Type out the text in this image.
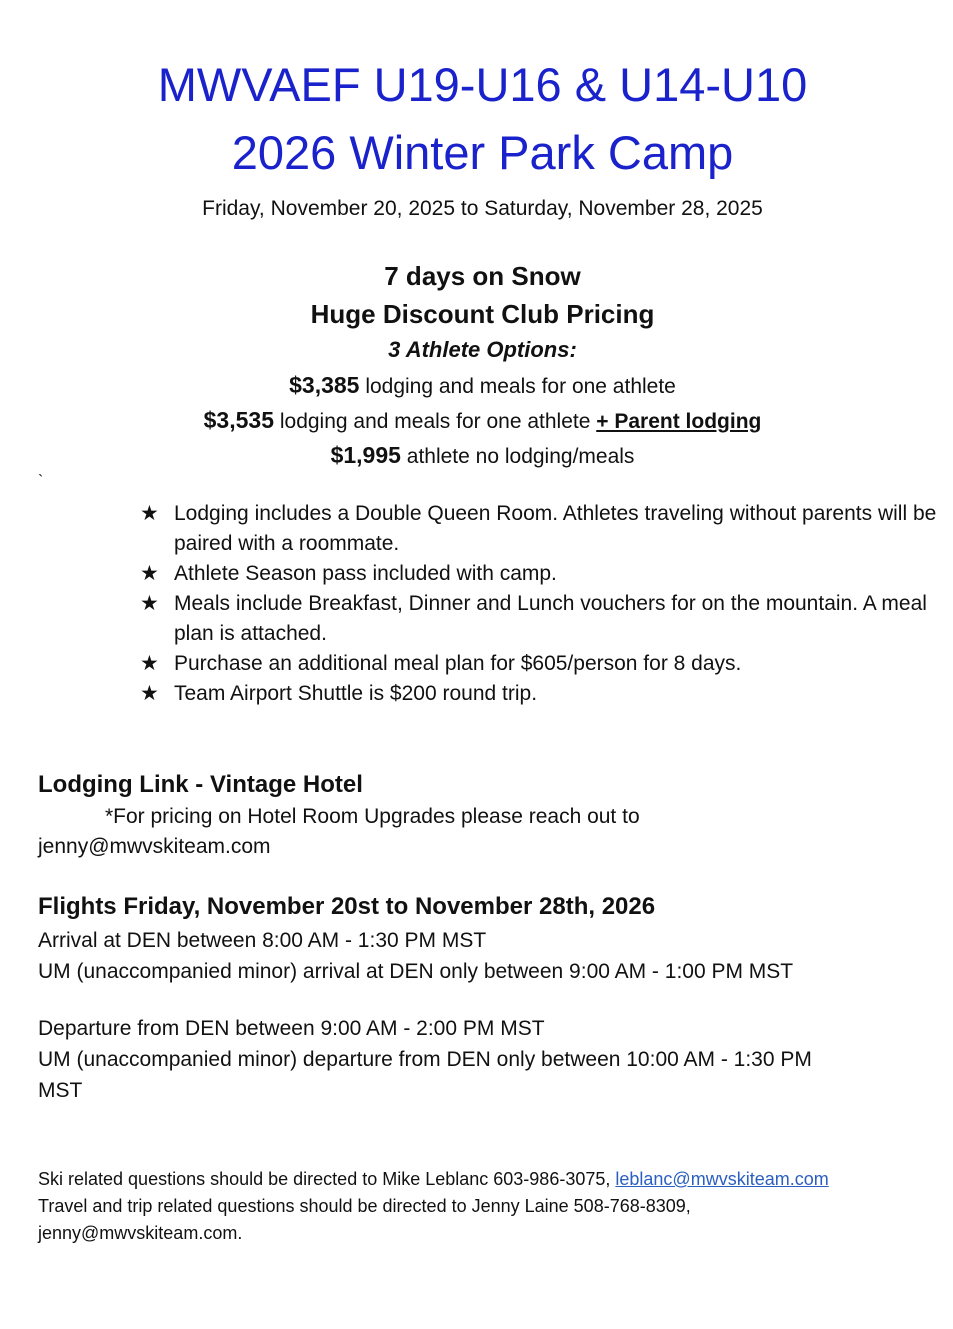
MWVAEF U19-U16 & U14-U10
2026 Winter Park Camp
Friday, November 20, 2025 to Saturday, November 28, 2025
7 days on Snow
Huge Discount Club Pricing
3 Athlete Options:
$3,385 lodging and meals for one athlete
$3,535 lodging and meals for one athlete + Parent lodging
$1,995 athlete no lodging/meals
`
★ Lodging includes a Double Queen Room. Athletes traveling without parents will be paired with a roommate.
★ Athlete Season pass included with camp.
★ Meals include Breakfast, Dinner and Lunch vouchers for on the mountain. A meal plan is attached.
★ Purchase an additional meal plan for $605/person for 8 days.
★ Team Airport Shuttle is $200 round trip.
Lodging Link - Vintage Hotel
*For pricing on Hotel Room Upgrades please reach out to
jenny@mwvskiteam.com
Flights Friday, November 20st to November 28th, 2026
Arrival at DEN between 8:00 AM - 1:30 PM MST
UM (unaccompanied minor) arrival at DEN only between 9:00 AM - 1:00 PM MST
Departure from DEN between 9:00 AM - 2:00 PM MST
UM (unaccompanied minor) departure from DEN only between 10:00 AM - 1:30 PM
MST
Ski related questions should be directed to Mike Leblanc 603-986-3075, leblanc@mwvskiteam.com
Travel and trip related questions should be directed to Jenny Laine 508-768-8309,
jenny@mwvskiteam.com.
